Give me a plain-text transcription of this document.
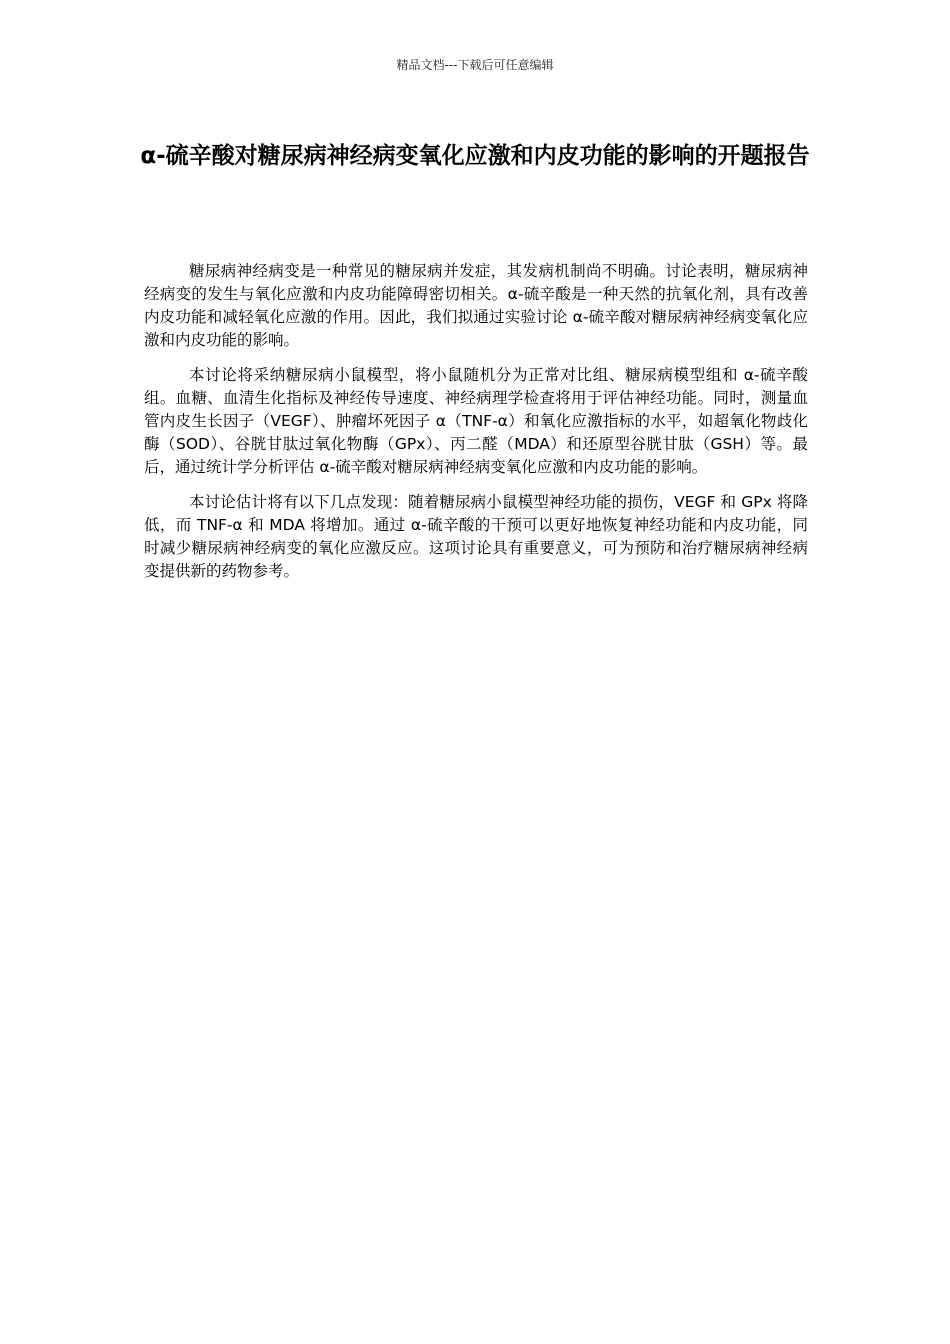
精品文档---下载后可任意编辑
α-硫辛酸对糖尿病神经病变氧化应激和内皮功能的影响的开题报告

糖尿病神经病变是一种常见的糖尿病并发症，其发病机制尚不明确。讨论表明，糖尿病神经病变的发生与氧化应激和内皮功能障碍密切相关。α-硫辛酸是一种天然的抗氧化剂，具有改善内皮功能和减轻氧化应激的作用。因此，我们拟通过实验讨论 α-硫辛酸对糖尿病神经病变氧化应激和内皮功能的影响。

本讨论将采纳糖尿病小鼠模型，将小鼠随机分为正常对比组、糖尿病模型组和 α-硫辛酸组。血糖、血清生化指标及神经传导速度、神经病理学检查将用于评估神经功能。同时，测量血管内皮生长因子（VEGF）、肿瘤坏死因子 α（TNF-α）和氧化应激指标的水平，如超氧化物歧化酶（SOD）、谷胱甘肽过氧化物酶（GPx）、丙二醛（MDA）和还原型谷胱甘肽（GSH）等。最后，通过统计学分析评估 α-硫辛酸对糖尿病神经病变氧化应激和内皮功能的影响。

本讨论估计将有以下几点发现：随着糖尿病小鼠模型神经功能的损伤，VEGF 和 GPx 将降低，而 TNF-α 和 MDA 将增加。通过 α-硫辛酸的干预可以更好地恢复神经功能和内皮功能，同时减少糖尿病神经病变的氧化应激反应。这项讨论具有重要意义，可为预防和治疗糖尿病神经病变提供新的药物参考。
